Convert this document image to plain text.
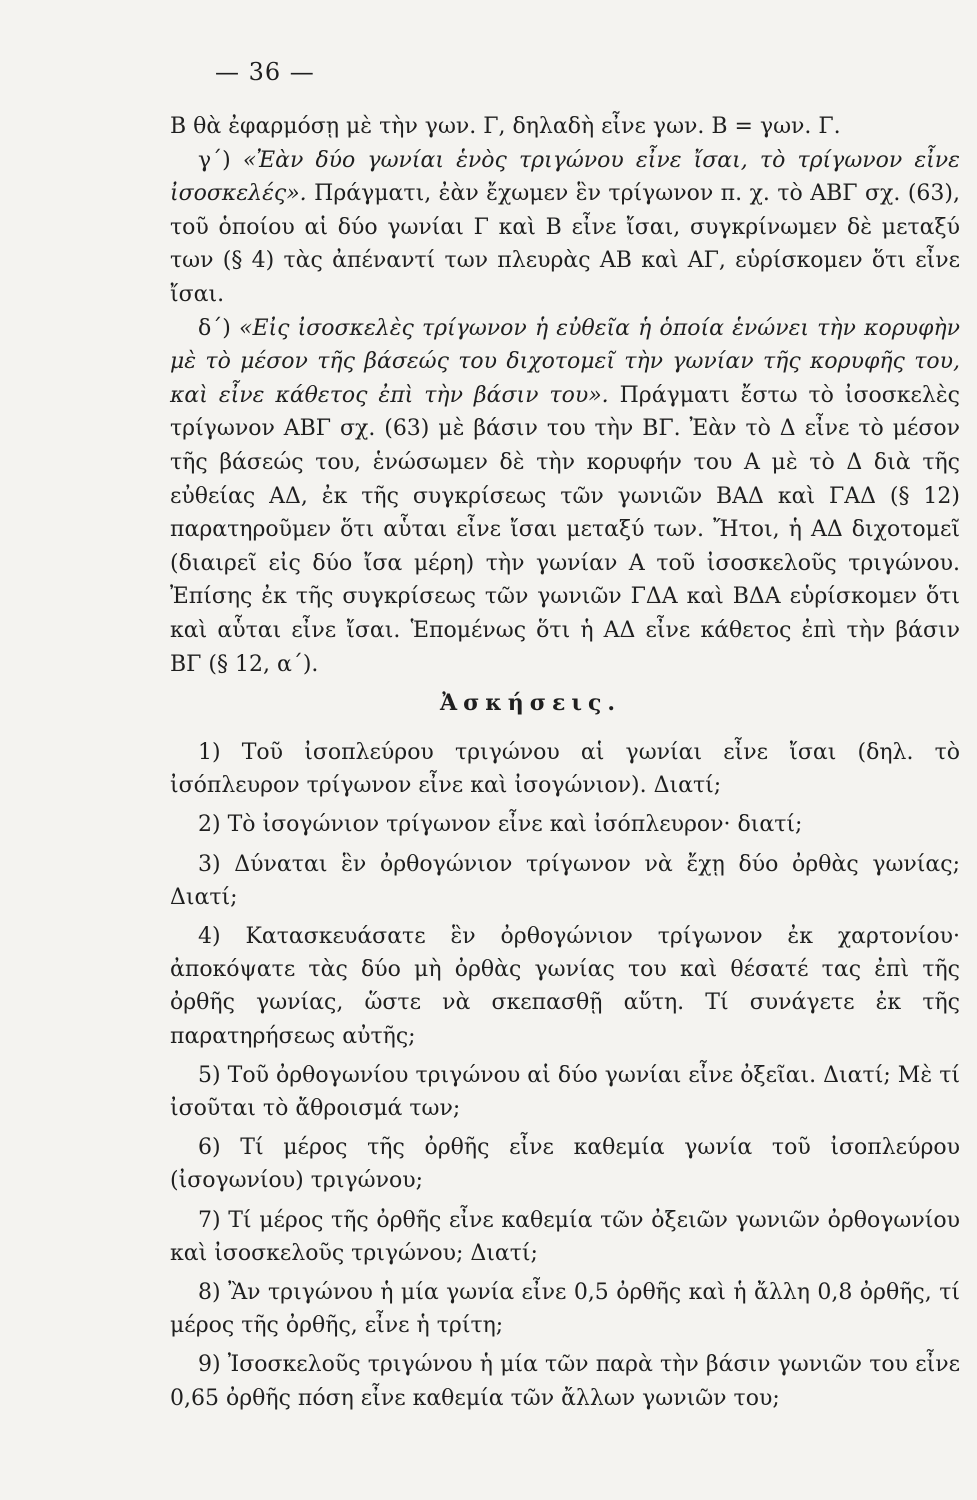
— 36 —

Β θὰ ἐφαρμόσῃ μὲ τὴν γων. Γ, δηλαδὴ εἶνε γων. Β = γων. Γ.

γ΄) «Ἐὰν δύο γωνίαι ἑνὸς τριγώνου εἶνε ἴσαι, τὸ τρίγωνον εἶνε ἰσοσκελές». Πράγματι, ἐὰν ἔχωμεν ἓν τρίγωνον π. χ. τὸ ΑΒΓ σχ. (63), τοῦ ὁποίου αἱ δύο γωνίαι Γ καὶ Β εἶνε ἴσαι, συγκρίνωμεν δὲ μεταξύ των (§ 4) τὰς ἀπέναντί των πλευρὰς ΑΒ καὶ ΑΓ, εὑρίσκομεν ὅτι εἶνε ἴσαι.

δ΄) «Εἰς ἰσοσκελὲς τρίγωνον ἡ εὐθεῖα ἡ ὁποία ἑνώνει τὴν κορυφὴν μὲ τὸ μέσον τῆς βάσεώς του διχοτομεῖ τὴν γωνίαν τῆς κορυφῆς του, καὶ εἶνε κάθετος ἐπὶ τὴν βάσιν του». Πράγματι ἔστω τὸ ἰσοσκελὲς τρίγωνον ΑΒΓ σχ. (63) μὲ βάσιν του τὴν ΒΓ. Ἐὰν τὸ Δ εἶνε τὸ μέσον τῆς βάσεώς του, ἑνώσωμεν δὲ τὴν κορυφήν του Α μὲ τὸ Δ διὰ τῆς εὐθείας ΑΔ, ἐκ τῆς συγκρίσεως τῶν γωνιῶν ΒΑΔ καὶ ΓΑΔ (§ 12) παρατηροῦμεν ὅτι αὗται εἶνε ἴσαι μεταξύ των. Ἤτοι, ἡ ΑΔ διχοτομεῖ (διαιρεῖ εἰς δύο ἴσα μέρη) τὴν γωνίαν Α τοῦ ἰσοσκελοῦς τριγώνου. Ἐπίσης ἐκ τῆς συγκρίσεως τῶν γωνιῶν ΓΔΑ καὶ ΒΔΑ εὑρίσκομεν ὅτι καὶ αὗται εἶνε ἴσαι. Ἑπομένως ὅτι ἡ ΑΔ εἶνε κάθετος ἐπὶ τὴν βάσιν ΒΓ (§ 12, α΄).

Ἀσκήσεις.

1) Τοῦ ἰσοπλεύρου τριγώνου αἱ γωνίαι εἶνε ἴσαι (δηλ. τὸ ἰσόπλευρον τρίγωνον εἶνε καὶ ἰσογώνιον). Διατί;

2) Τὸ ἰσογώνιον τρίγωνον εἶνε καὶ ἰσόπλευρον· διατί;

3) Δύναται ἓν ὀρθογώνιον τρίγωνον νὰ ἔχῃ δύο ὀρθὰς γωνίας; Διατί;

4) Κατασκευάσατε ἓν ὀρθογώνιον τρίγωνον ἐκ χαρτονίου· ἀποκόψατε τὰς δύο μὴ ὀρθὰς γωνίας του καὶ θέσατέ τας ἐπὶ τῆς ὀρθῆς γωνίας, ὥστε νὰ σκεπασθῇ αὕτη. Τί συνάγετε ἐκ τῆς παρατηρήσεως αὐτῆς;

5) Τοῦ ὀρθογωνίου τριγώνου αἱ δύο γωνίαι εἶνε ὀξεῖαι. Διατί; Μὲ τί ἰσοῦται τὸ ἄθροισμά των;

6) Τί μέρος τῆς ὀρθῆς εἶνε καθεμία γωνία τοῦ ἰσοπλεύρου (ἰσογωνίου) τριγώνου;

7) Τί μέρος τῆς ὀρθῆς εἶνε καθεμία τῶν ὀξειῶν γωνιῶν ὀρθογωνίου καὶ ἰσοσκελοῦς τριγώνου; Διατί;

8) Ἂν τριγώνου ἡ μία γωνία εἶνε 0,5 ὀρθῆς καὶ ἡ ἄλλη 0,8 ὀρθῆς, τί μέρος τῆς ὀρθῆς, εἶνε ἡ τρίτη;

9) Ἰσοσκελοῦς τριγώνου ἡ μία τῶν παρὰ τὴν βάσιν γωνιῶν του εἶνε 0,65 ὀρθῆς πόση εἶνε καθεμία τῶν ἄλλων γωνιῶν του;
